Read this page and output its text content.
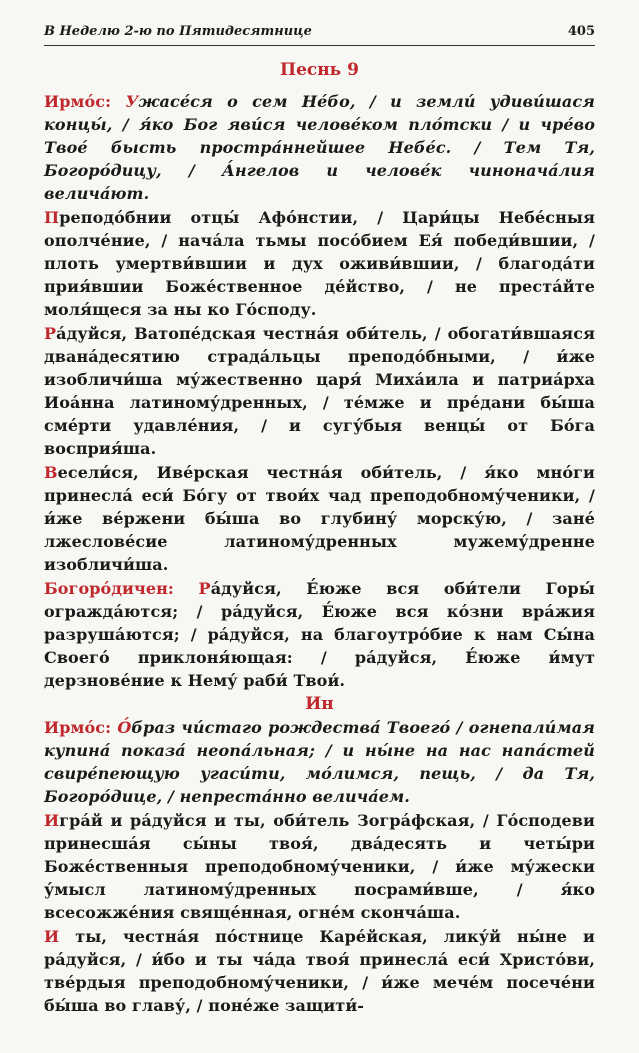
В Неделю 2-ю по Пятидесятнице	405
Песнь 9

Ирмо́с: Ужасе́ся о сем Не́бо, / и земли́ удиви́шася концы́, / я́ко Бог яви́ся челове́ком пло́тски / и чре́во Твое́ бысть простра́ннейшее Небе́с. / Тем Тя, Богоро́дицу, / А́нгелов и челове́к чинонача́лия велича́ют.

Преподо́бнии отцы́ Афо́нстии, / Цари́цы Небе́сныя ополче́ние, / нача́ла тьмы посо́бием Ея́ победи́вшии, / плоть умертви́вшии и дух оживи́вшии, / благода́ти прия́вшии Боже́ственное де́йство, / не преста́йте моля́щеся за ны ко Го́споду.

Ра́дуйся, Ватопе́дская честна́я оби́тель, / обогати́вшаяся двана́десятию страда́льцы преподо́бными, / и́же изобличи́ша му́жественно царя́ Миха́ила и патриа́рха Иоа́нна латиному́дренных, / те́мже и пре́дани бы́ша сме́рти удавле́ния, / и сугу́быя венцы́ от Бо́га восприя́ша.

Весели́ся, Иве́рская честна́я оби́тель, / я́ко мно́ги принесла́ еси́ Бо́гу от твои́х чад преподобному́ченики, / и́же ве́ржени бы́ша во глубину́ морску́ю, / зане́ лжеслове́сие латиному́дренных мужему́дренне изобличи́ша.

Богоро́дичен: Ра́дуйся, Е́юже вся оби́тели Горы́ огражда́ются; / ра́дуйся, Е́юже вся ко́зни вра́жия разруша́ются; / ра́дуйся, на благоутро́бие к нам Сы́на Своего́ приклоня́ющая: / ра́дуйся, Е́юже и́мут дерзнове́ние к Нему́ раби́ Твои́.

Ин

Ирмо́с: О́браз чи́стаго рождества́ Твоего́ / огнепали́мая купина́ показа́ неопа́льная; / и ны́не на нас напа́стей свире́пеющую угаси́ти, мо́лимся, пещь, / да Тя, Богоро́дице, / непреста́нно велича́ем.

Игра́й и ра́дуйся и ты, оби́тель Зогра́фская, / Го́сподеви принесша́я сы́ны твоя́, два́десять и четы́ри Боже́ственныя преподобному́ченики, / и́же му́жески у́мысл латиному́дренных посрами́вше, / я́ко всесожже́ния свяще́нная, огне́м сконча́ша.

И ты, честна́я по́стнице Каре́йская, лику́й ны́не и ра́дуйся, / и́бо и ты ча́да твоя́ принесла́ еси́ Христо́ви, тве́рдыя преподобному́ченики, / и́же мече́м посече́ни бы́ша во главу́, / поне́же защити́-
